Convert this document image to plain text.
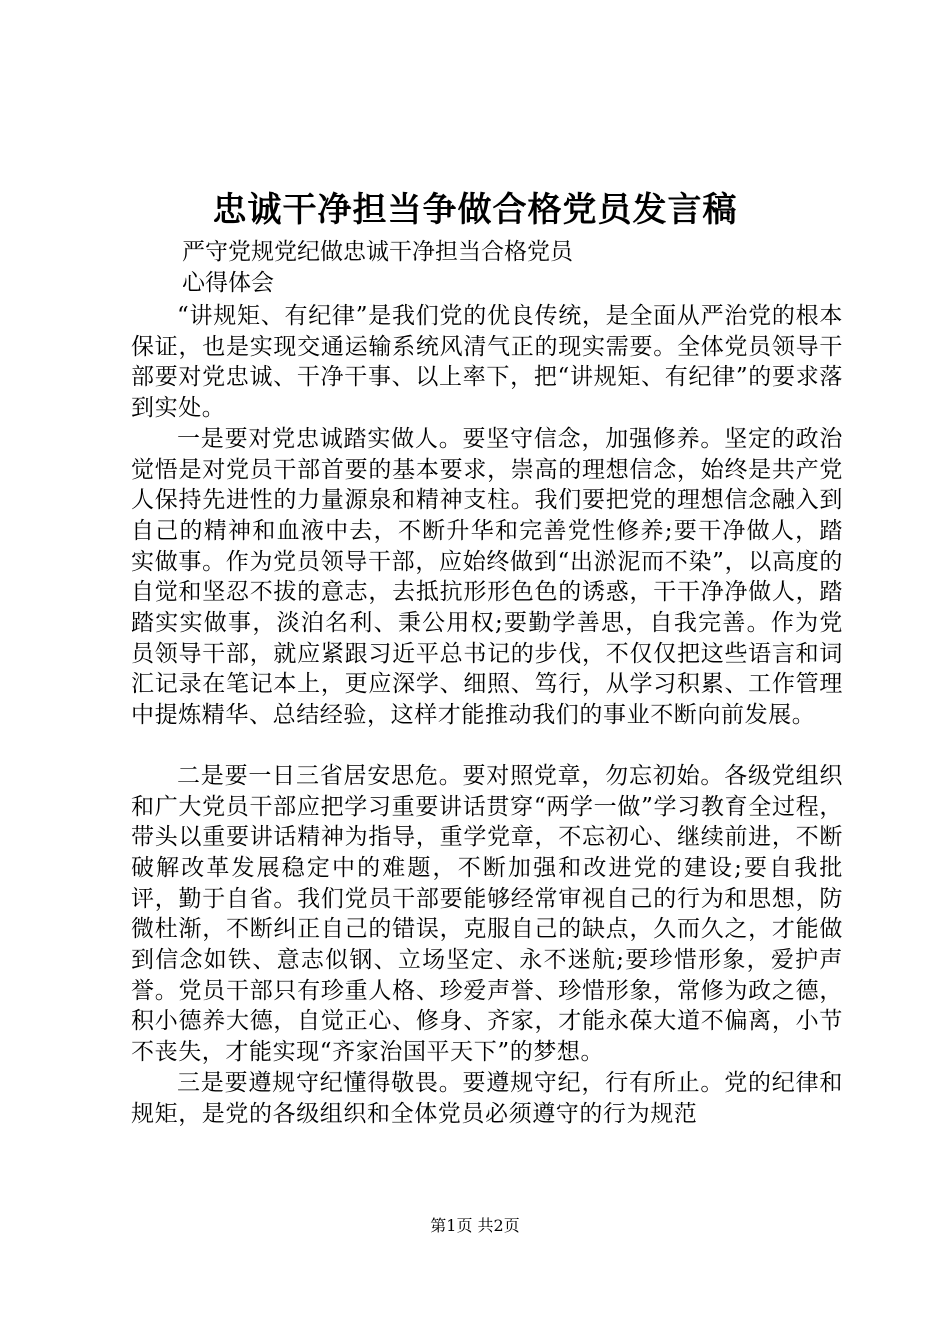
忠诚干净担当争做合格党员发言稿

严守党规党纪做忠诚干净担当合格党员

心得体会

“讲规矩、有纪律”是我们党的优良传统，是全面从严治党的根本保证，也是实现交通运输系统风清气正的现实需要。全体党员领导干部要对党忠诚、干净干事、以上率下，把“讲规矩、有纪律”的要求落到实处。

一是要对党忠诚踏实做人。要坚守信念，加强修养。坚定的政治觉悟是对党员干部首要的基本要求，崇高的理想信念，始终是共产党人保持先进性的力量源泉和精神支柱。我们要把党的理想信念融入到自己的精神和血液中去，不断升华和完善党性修养;要干净做人，踏实做事。作为党员领导干部，应始终做到“出淤泥而不染”，以高度的自觉和坚忍不拔的意志，去抵抗形形色色的诱惑，干干净净做人，踏踏实实做事，淡泊名利、秉公用权;要勤学善思，自我完善。作为党员领导干部，就应紧跟习近平总书记的步伐，不仅仅把这些语言和词汇记录在笔记本上，更应深学、细照、笃行，从学习积累、工作管理中提炼精华、总结经验，这样才能推动我们的事业不断向前发展。

二是要一日三省居安思危。要对照党章，勿忘初始。各级党组织和广大党员干部应把学习重要讲话贯穿“两学一做”学习教育全过程，带头以重要讲话精神为指导，重学党章，不忘初心、继续前进，不断破解改革发展稳定中的难题，不断加强和改进党的建设;要自我批评，勤于自省。我们党员干部要能够经常审视自己的行为和思想，防微杜渐，不断纠正自己的错误，克服自己的缺点，久而久之，才能做到信念如铁、意志似钢、立场坚定、永不迷航;要珍惜形象，爱护声誉。党员干部只有珍重人格、珍爱声誉、珍惜形象，常修为政之德，积小德养大德，自觉正心、修身、齐家，才能永葆大道不偏离，小节不丧失，才能实现“齐家治国平天下”的梦想。

三是要遵规守纪懂得敬畏。要遵规守纪，行有所止。党的纪律和规矩，是党的各级组织和全体党员必须遵守的行为规范

第1页 共2页
